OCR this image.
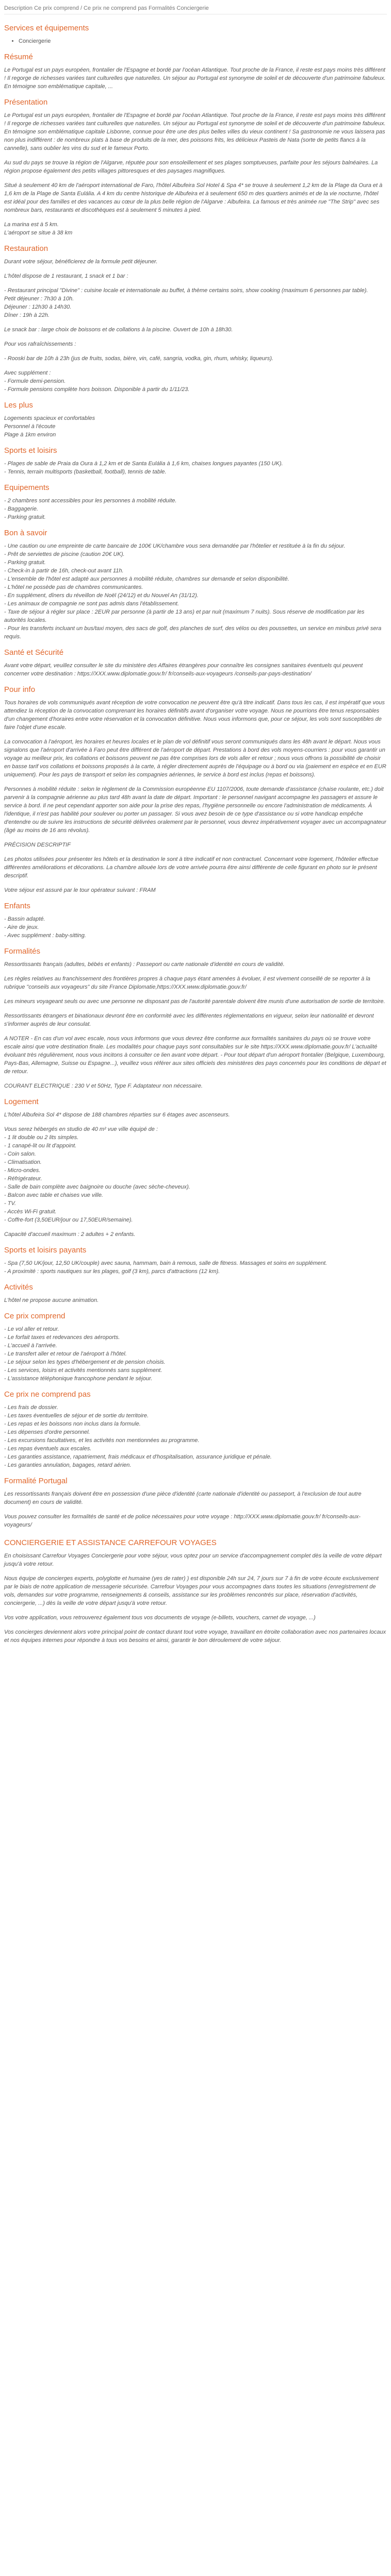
Description Ce prix comprend / Ce prix ne comprend pas Formalités Conciergerie
Services et équipements
• Conciergerie
Résumé

Le Portugal est un pays européen, frontalier de l'Espagne et bordé par l'océan Atlantique. Tout proche de la France, il reste est pays moins très différent ! Il regorge de richesses variées tant culturelles que naturelles. Un séjour au Portugal est synonyme de soleil et de découverte d'un patrimoine fabuleux. En témoigne son emblématique capitale, ...

Présentation

Le Portugal est un pays européen, frontalier de l'Espagne et bordé par l'océan Atlantique. Tout proche de la France, il reste est pays moins très différent ! Il regorge de richesses variées tant culturelles que naturelles. Un séjour au Portugal est synonyme de soleil et de découverte d'un patrimoine fabuleux. En témoigne son emblématique capitale Lisbonne, connue pour être une des plus belles villes du vieux continent ! Sa gastronomie ne vous laissera pas non plus indifférent : de nombreux plats à base de produits de la mer, des poissons frits, les délicieux Pasteis de Nata (sorte de petits flancs à la cannelle), sans oublier les vins du sud et le fameux Porto.

Au sud du pays se trouve la région de l'Algarve, réputée pour son ensoleillement et ses plages somptueuses, parfaite pour les séjours balnéaires. La région propose également des petits villages pittoresques et des paysages magnifiques.

Situé à seulement 40 km de l'aéroport international de Faro, l'hôtel Albufeira Sol Hotel & Spa 4* se trouve à seulement 1,2 km de la Plage da Oura et à 1,6 km de la Plage de Santa Eulália. A 4 km du centre historique de Albufeira et à seulement 650 m des quartiers animés et de la vie nocturne, l'hôtel est idéal pour des familles et des vacances au cœur de la plus belle région de l'Algarve : Albufeira. La famous et très animée rue "The Strip" avec ses nombreux bars, restaurants et discothèques est à seulement 5 minutes à pied.

La marina est à 5 km.
L'aéroport se situe à 38 km
Restauration

Durant votre séjour, bénéficierez de la formule petit déjeuner.

L'hôtel dispose de 1 restaurant, 1 snack et 1 bar :
- Restaurant principal "Divine" : cuisine locale et internationale au buffet, à thème certains soirs, show cooking (maximum 6 personnes par table).
Petit déjeuner : 7h30 à 10h.
Déjeuner : 12h30 à 14h30.
Dîner : 19h à 22h.
Le snack bar : large choix de boissons et de collations à la piscine. Ouvert de 10h à 18h30.
Pour vos rafraîchissements :
- Rooski bar de 10h à 23h (jus de fruits, sodas, bière, vin, café, sangria, vodka, gin, rhum, whisky, liqueurs).
Avec supplément :
- Formule demi-pension.
- Formule pensions complète hors boisson. Disponible à partir du 1/11/23.
Les plus
Logements spacieux et confortables
Personnel à l'écoute
Plage à 1km environ
Sports et loisirs
- Plages de sable de Praia da Oura à 1,2 km et de Santa Eulália à 1,6 km, chaises longues payantes (150 UK).
- Tennis, terrain multisports (basketball, football), tennis de table.
Equipements
- 2 chambres sont accessibles pour les personnes à mobilité réduite.
- Baggagerie.
- Parking gratuit.
Bon à savoir
- Une caution ou une empreinte de carte bancaire de 100€ UK/chambre vous sera demandée par l'hôtelier et restituée à la fin du séjour.
- Prêt de serviettes de piscine (caution 20€ UK).
- Parking gratuit.
- Check-in à partir de 16h, check-out avant 11h.
- L'ensemble de l'hôtel est adapté aux personnes à mobilité réduite, chambres sur demande et selon disponibilité.
- L'hôtel ne possède pas de chambres communicantes.
- En supplément, dîners du réveillon de Noël (24/12) et du Nouvel An (31/12).
- Les animaux de compagnie ne sont pas admis dans l'établissement.
- Taxe de séjour à régler sur place : 2EUR par personne (à partir de 13 ans) et par nuit (maximum 7 nuits). Sous réserve de modification par les autorités locales.
- Pour les transferts incluant un bus/taxi moyen, des sacs de golf, des planches de surf, des vélos ou des poussettes, un service en minibus privé sera requis.
Santé et Sécurité

Avant votre départ, veuillez consulter le site du ministère des Affaires étrangères pour connaître les consignes sanitaires éventuels qui peuvent concerner votre destination : https://XXX.www.diplomatie.gouv.fr/ fr/conseils-aux-voyageurs /conseils-par-pays-destination/

Pour info

Tous horaires de vols communiqués avant réception de votre convocation ne peuvent être qu'à titre indicatif. Dans tous les cas, il est impératif que vous attendiez la réception de la convocation comprenant les horaires définitifs avant d'organiser votre voyage. Nous ne pourrions être tenus responsables d'un changement d'horaires entre votre réservation et la convocation définitive. Nous vous informons que, pour ce séjour, les vols sont susceptibles de faire l'objet d'une escale.

La convocation à l'aéroport, les horaires et heures locales et le plan de vol définitif vous seront communiqués dans les 48h avant le départ. Nous vous signalons que l'aéroport d'arrivée à Faro peut être différent de l'aéroport de départ. Prestations à bord des vols moyens-courriers : pour vous garantir un voyage au meilleur prix, les collations et boissons peuvent ne pas être comprises lors de vols aller et retour ; nous vous offrons la possibilité de choisir en basse tarif vos collations et boissons proposés à la carte, à régler directement auprès de l'équipage ou à bord ou via (paiement en espèce et en EUR uniquement). Pour les pays de transport et selon les compagnies aériennes, le service à bord est inclus (repas et boissons).

Personnes à mobilité réduite : selon le règlement de la Commission européenne EU 1107/2006, toute demande d'assistance (chaise roulante, etc.) doit parvenir à la compagnie aérienne au plus tard 48h avant la date de départ. Important : le personnel navigant accompagne les passagers et assure le service à bord. Il ne peut cependant apporter son aide pour la prise des repas, l'hygiène personnelle ou encore l'administration de médicaments. À l'identique, il n'est pas habilité pour soulever ou porter un passager. Si vous avez besoin de ce type d'assistance ou si votre handicap empêche d'entendre ou de suivre les instructions de sécurité délivrées oralement par le personnel, vous devrez impérativement voyager avec un accompagnateur (âgé au moins de 16 ans révolus).

PRÉCISION DESCRIPTIF

Les photos utilisées pour présenter les hôtels et la destination le sont à titre indicatif et non contractuel. Concernant votre logement, l'hôtelier effectue différentes améliorations et décorations. La chambre allouée lors de votre arrivée pourra être ainsi différente de celle figurant en photo sur le présent descriptif.

Votre séjour est assuré par le tour opérateur suivant : FRAM

Enfants
- Bassin adapté.
- Aire de jeux.
- Avec supplément : baby-sitting.
Formalités

Ressortissants français (adultes, bébés et enfants) : Passeport ou carte nationale d'identité en cours de validité.

Les règles relatives au franchissement des frontières propres à chaque pays étant amenées à évoluer, il est vivement conseillé de se reporter à la rubrique "conseils aux voyageurs" du site France Diplomatie,https://XXX.www.diplomatie.gouv.fr/

Les mineurs voyageant seuls ou avec une personne ne disposant pas de l'autorité parentale doivent être munis d'une autorisation de sortie de territoire.

Ressortissants étrangers et binationaux devront être en conformité avec les différentes réglementations en vigueur, selon leur nationalité et devront s'informer auprès de leur consulat.

A NOTER - En cas d'un vol avec escale, nous vous informons que vous devrez être conforme aux formalités sanitaires du pays où se trouve votre escale ainsi que votre destination finale. Les modalités pour chaque pays sont consultables sur le site https://XXX.www.diplomatie.gouv.fr/ L'actualité évoluant très régulièrement, nous vous incitons à consulter ce lien avant votre départ. - Pour tout départ d'un aéroport frontalier (Belgique, Luxembourg, Pays-Bas, Allemagne, Suisse ou Espagne...), veuillez vous référer aux sites officiels des ministères des pays concernés pour les conditions de départ et de retour.

COURANT ELECTRIQUE : 230 V et 50Hz, Type F. Adaptateur non nécessaire.

Logement

L'hôtel Albufeira Sol 4* dispose de 188 chambres réparties sur 6 étages avec ascenseurs.

Vous serez hébergés en studio de 40 m² vue ville équipé de :
- 1 lit double ou 2 lits simples.
- 1 canapé-lit ou lit d'appoint.
- Coin salon.
- Climatisation.
- Micro-ondes.
- Réfrigérateur.
- Salle de bain complète avec baignoire ou douche (avec sèche-cheveux).
- Balcon avec table et chaises vue ville.
- TV.
- Accès Wi-Fi gratuit.
- Coffre-fort (3,50EUR/jour ou 17,50EUR/semaine).

Capacité d'accueil maximum : 2 adultes + 2 enfants.

Sports et loisirs payants
- Spa (7,50 UK/jour, 12,50 UK/couple) avec sauna, hammam, bain à remous, salle de fitness. Massages et soins en supplément.
- A proximité : sports nautiques sur les plages, golf (3 km), parcs d'attractions (12 km).
Activités

L'hôtel ne propose aucune animation.

Ce prix comprend
- Le vol aller et retour.
- Le forfait taxes et redevances des aéroports.
- L'accueil à l'arrivée.
- Le transfert aller et retour de l'aéroport à l'hôtel.
- Le séjour selon les types d'hébergement et de pension choisis.
- Les services, loisirs et activités mentionnés sans supplément.
- L'assistance téléphonique francophone pendant le séjour.
Ce prix ne comprend pas
- Les frais de dossier.
- Les taxes éventuelles de séjour et de sortie du territoire.
- Les repas et les boissons non inclus dans la formule.
- Les dépenses d'ordre personnel.
- Les excursions facultatives, et les activités non mentionnées au programme.
- Les repas éventuels aux escales.
- Les garanties assistance, rapatriement, frais médicaux et d'hospitalisation, assurance juridique et pénale.
- Les garanties annulation, bagages, retard aérien.
Formalité Portugal

Les ressortissants français doivent être en possession d'une pièce d'identité (carte nationale d'identité ou passeport, à l'exclusion de tout autre document) en cours de validité.

Vous pouvez consulter les formalités de santé et de police nécessaires pour votre voyage : http://XXX.www.diplomatie.gouv.fr/ fr/conseils-aux-voyageurs/

CONCIERGERIE ET ASSISTANCE CARREFOUR VOYAGES

En choisissant Carrefour Voyages Conciergerie pour votre séjour, vous optez pour un service d'accompagnement complet dès la veille de votre départ jusqu'à votre retour.

Nous équipe de concierges experts, polyglotte et humaine (yes de rater) ) est disponible 24h sur 24, 7 jours sur 7 à fin de votre écoute exclusivement par le biais de notre application de messagerie sécurisée. Carrefour Voyages pour vous accompagnes dans toutes les situations (enregistrement de vols, demandes sur votre programme, renseignements & conseils, assistance sur les problèmes rencontrés sur place, réservation d'activités, conciergerie, ...) dès la veille de votre départ jusqu'à votre retour.

Vos votre application, vous retrouverez également tous vos documents de voyage (e-billets, vouchers, carnet de voyage, ...)

Vos concierges deviennent alors votre principal point de contact durant tout votre voyage, travaillant en étroite collaboration avec nos partenaires locaux et nos équipes internes pour répondre à tous vos besoins et ainsi, garantir le bon déroulement de votre séjour.
